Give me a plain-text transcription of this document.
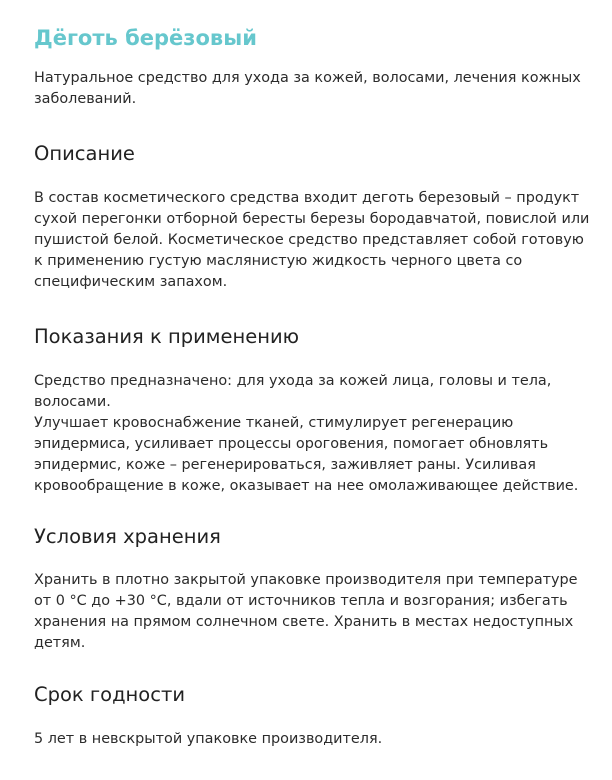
Дёготь берёзовый

Натуральное средство для ухода за кожей, волосами, лечения кожных заболеваний.

Описание

В состав косметического средства входит деготь березовый – продукт сухой перегонки отборной бересты березы бородавчатой, повислой или пушистой белой. Косметическое средство представляет собой готовую к применению густую маслянистую жидкость черного цвета со специфическим запахом.

Показания к применению

Средство предназначено: для ухода за кожей лица, головы и тела, волосами.

Улучшает кровоснабжение тканей, стимулирует регенерацию эпидермиса, усиливает процессы ороговения, помогает обновлять эпидермис, коже – регенерироваться, заживляет раны. Усиливая кровообращение в коже, оказывает на нее омолаживающее действие.

Условия хранения

Хранить в плотно закрытой упаковке производителя при температуре от 0 °С до +30 °С, вдали от источников тепла и возгорания; избегать хранения на прямом солнечном свете. Хранить в местах недоступных детям.

Срок годности

5 лет в невскрытой упаковке производителя.
